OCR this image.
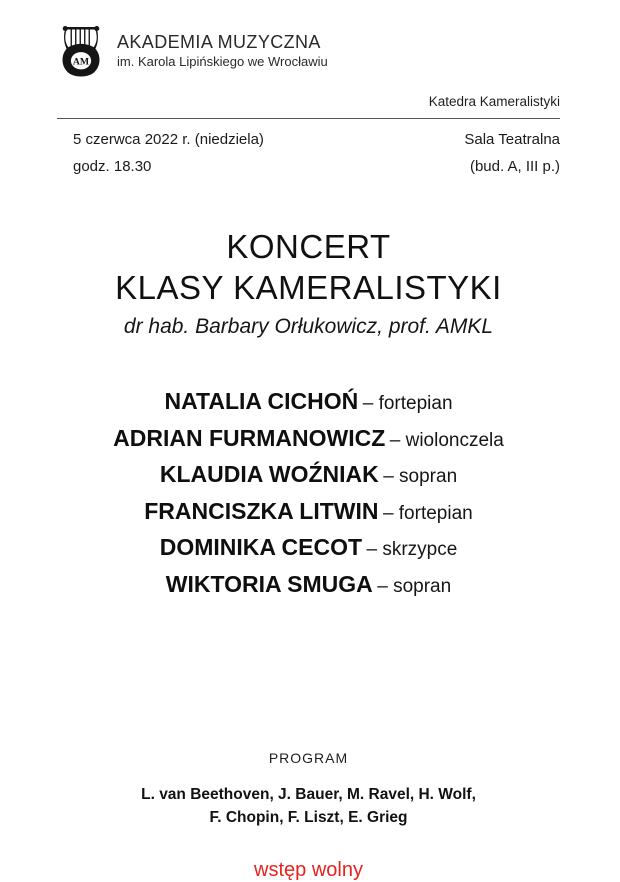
AM
AKADEMIA MUZYCZNA
im. Karola Lipińskiego we Wrocławiu
Katedra Kameralistyki
5 czerwca 2022 r. (niedziela)
godz. 18.30
Sala Teatralna
(bud. A, III p.)
KONCERT
KLASY KAMERALISTYKI
dr hab. Barbary Orłukowicz, prof. AMKL
NATALIA CICHOŃ – fortepian
ADRIAN FURMANOWICZ – wiolonczela
KLAUDIA WOŹNIAK – sopran
FRANCISZKA LITWIN – fortepian
DOMINIKA CECOT – skrzypce
WIKTORIA SMUGA – sopran
PROGRAM
L. van Beethoven, J. Bauer, M. Ravel, H. Wolf,
F. Chopin, F. Liszt, E. Grieg
wstęp wolny
